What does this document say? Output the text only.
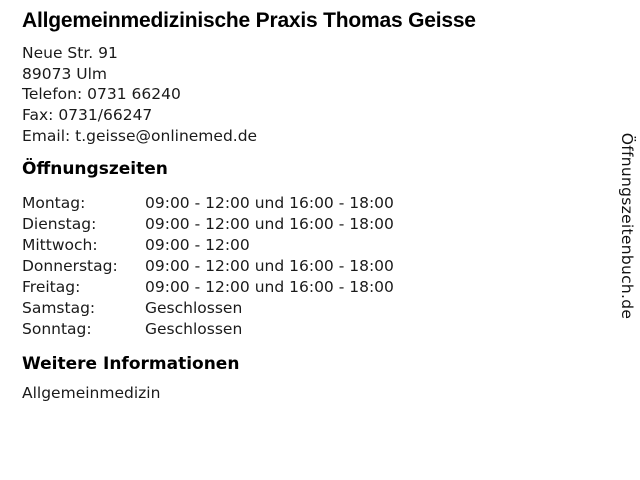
Allgemeinmedizinische Praxis Thomas Geisse
Neue Str. 91
89073 Ulm
Telefon: 0731 66240
Fax: 0731/66247
Email: t.geisse@onlinemed.de
Öffnungszeiten
Montag:	09:00 - 12:00 und 16:00 - 18:00
Dienstag:	09:00 - 12:00 und 16:00 - 18:00
Mittwoch:	09:00 - 12:00
Donnerstag:	09:00 - 12:00 und 16:00 - 18:00
Freitag:	09:00 - 12:00 und 16:00 - 18:00
Samstag:	Geschlossen
Sonntag:	Geschlossen
Weitere Informationen
Allgemeinmedizin
Öffnungszeitenbuch.de
